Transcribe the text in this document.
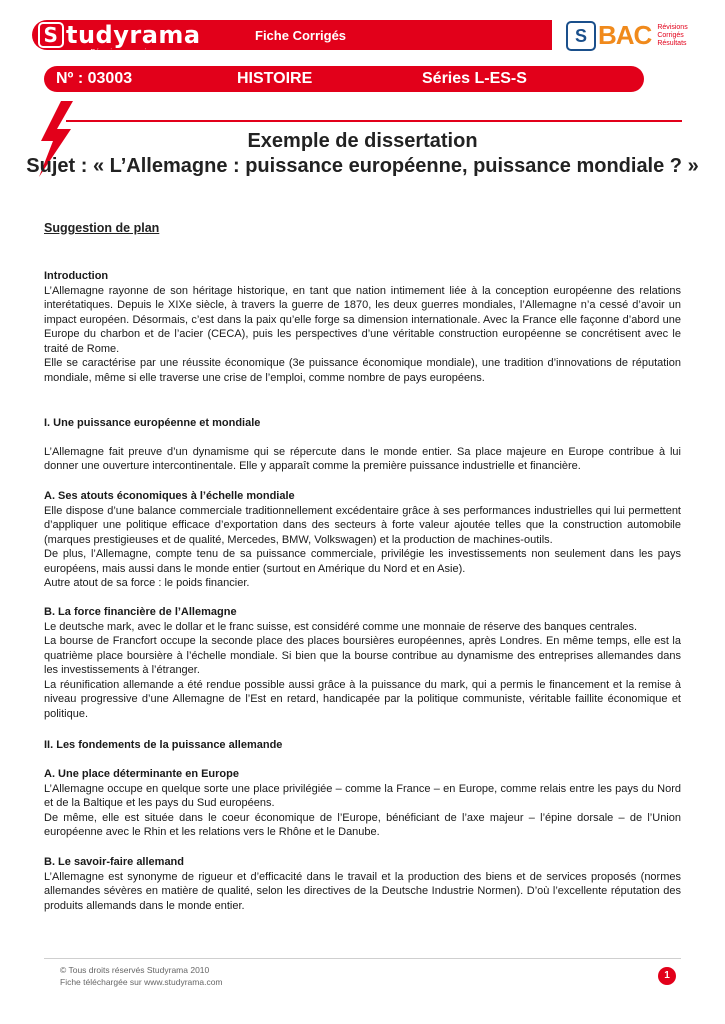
S tudyrama
Réussir son avenir
Fiche Corrigés	S BAC Révisions
Corrigés
Résultats
Nº : 03003	HISTOIRE	Séries L-ES-S
Exemple de dissertation
Sujet : « L’Allemagne : puissance européenne, puissance mondiale ? »
Suggestion de plan

Introduction

L’Allemagne rayonne de son héritage historique, en tant que nation intimement liée à la conception européenne des relations interétatiques. Depuis le XIXe siècle, à travers la guerre de 1870, les deux guerres mondiales, l’Allemagne n’a cessé d’avoir un impact européen. Désormais, c’est dans la paix qu’elle forge sa dimension internationale. Avec la France elle façonne d’abord une Europe du charbon et de l’acier (CECA), puis les perspectives d’une véritable construction européenne se concrétisent avec le traité de Rome.

Elle se caractérise par une réussite économique (3e puissance économique mondiale), une tradition d’innovations de réputation mondiale, même si elle traverse une crise de l’emploi, comme nombre de pays européens.

I. Une puissance européenne et mondiale

L’Allemagne fait preuve d’un dynamisme qui se répercute dans le monde entier. Sa place majeure en Europe contribue à lui donner une ouverture intercontinentale. Elle y apparaît comme la première puissance industrielle et financière.

A. Ses atouts économiques à l’échelle mondiale

Elle dispose d’une balance commerciale traditionnellement excédentaire grâce à ses performances industrielles qui lui permettent d’appliquer une politique efficace d’exportation dans des secteurs à forte valeur ajoutée telles que la construction automobile (marques prestigieuses et de qualité, Mercedes, BMW, Volkswagen) et la production de machines-outils.

De plus, l’Allemagne, compte tenu de sa puissance commerciale, privilégie les investissements non seulement dans les pays européens, mais aussi dans le monde entier (surtout en Amérique du Nord et en Asie).

Autre atout de sa force : le poids financier.

B. La force financière de l’Allemagne

Le deutsche mark, avec le dollar et le franc suisse, est considéré comme une monnaie de réserve des banques centrales.

La bourse de Francfort occupe la seconde place des places boursières européennes, après Londres. En même temps, elle est la quatrième place boursière à l’échelle mondiale. Si bien que la bourse contribue au dynamisme des entreprises allemandes dans les investissements à l’étranger.

La réunification allemande a été rendue possible aussi grâce à la puissance du mark, qui a permis le financement et la remise à niveau progressive d’une Allemagne de l’Est en retard, handicapée par la politique communiste, véritable faillite économique et politique.

II. Les fondements de la puissance allemande

A. Une place déterminante en Europe

L’Allemagne occupe en quelque sorte une place privilégiée – comme la France – en Europe, comme relais entre les pays du Nord et de la Baltique et les pays du Sud européens.

De même, elle est située dans le coeur économique de l’Europe, bénéficiant de l’axe majeur – l’épine dorsale – de l’Union européenne avec le Rhin et les relations vers le Rhône et le Danube.

B. Le savoir-faire allemand

L’Allemagne est synonyme de rigueur et d’efficacité dans le travail et la production des biens et de services proposés (normes allemandes sévères en matière de qualité, selon les directives de la Deutsche Industrie Normen). D’où l’excellente réputation des produits allemands dans le monde entier.

© Tous droits réservés Studyrama 2010
Fiche téléchargée sur www.studyrama.com
1
